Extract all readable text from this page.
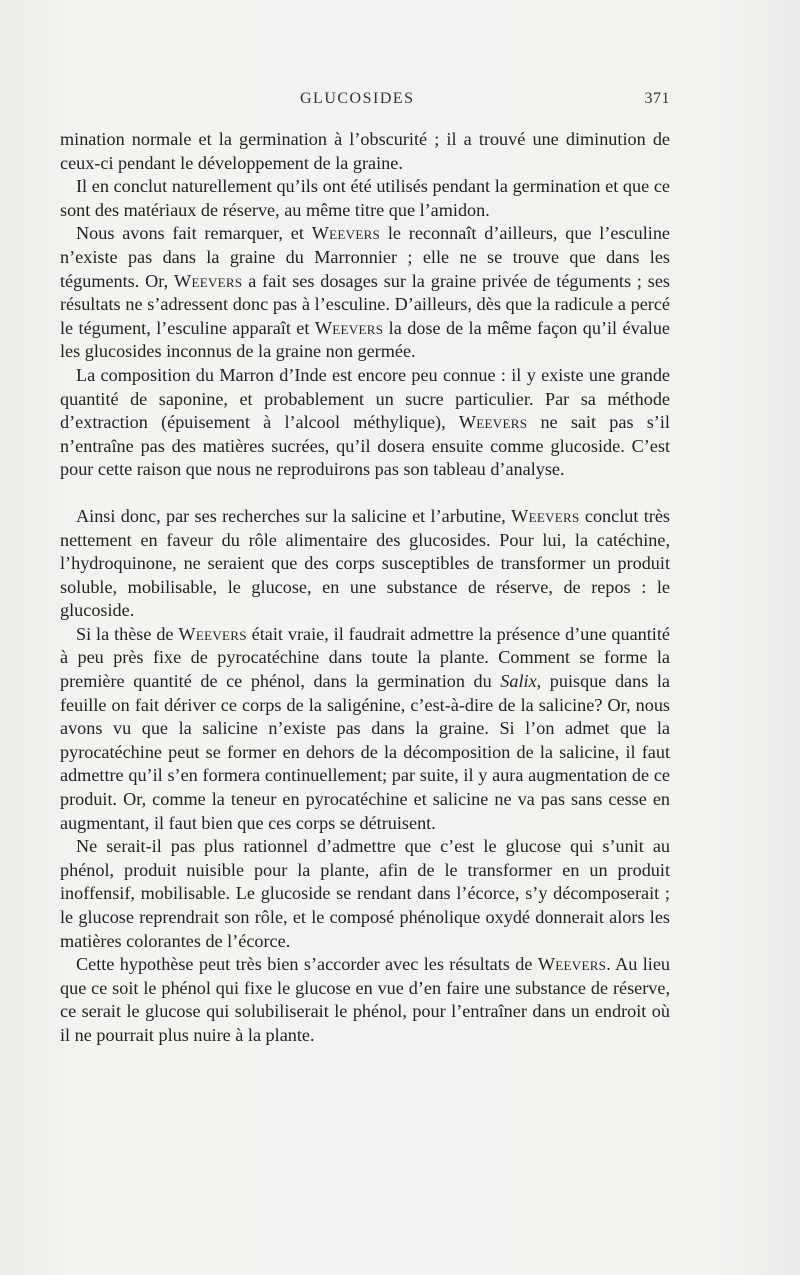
GLUCOSIDES	371

mination normale et la germination à l’obscurité ; il a trouvé une diminution de ceux-ci pendant le développement de la graine.

Il en conclut naturellement qu’ils ont été utilisés pendant la germination et que ce sont des matériaux de réserve, au même titre que l’amidon.

Nous avons fait remarquer, et Weevers le reconnaît d’ailleurs, que l’esculine n’existe pas dans la graine du Marronnier ; elle ne se trouve que dans les téguments. Or, Weevers a fait ses dosages sur la graine privée de téguments ; ses résultats ne s’adressent donc pas à l’esculine. D’ailleurs, dès que la radicule a percé le tégument, l’esculine apparaît et Weevers la dose de la même façon qu’il évalue les glucosides inconnus de la graine non germée.

La composition du Marron d’Inde est encore peu connue : il y existe une grande quantité de saponine, et probablement un sucre particulier. Par sa méthode d’extraction (épuisement à l’alcool méthylique), Weevers ne sait pas s’il n’entraîne pas des matières sucrées, qu’il dosera ensuite comme glucoside. C’est pour cette raison que nous ne reproduirons pas son tableau d’analyse.

Ainsi donc, par ses recherches sur la salicine et l’arbutine, Weevers conclut très nettement en faveur du rôle alimentaire des glucosides. Pour lui, la catéchine, l’hydroquinone, ne seraient que des corps susceptibles de transformer un produit soluble, mobilisable, le glucose, en une substance de réserve, de repos : le glucoside.

Si la thèse de Weevers était vraie, il faudrait admettre la présence d’une quantité à peu près fixe de pyrocatéchine dans toute la plante. Comment se forme la première quantité de ce phénol, dans la germination du Salix, puisque dans la feuille on fait dériver ce corps de la saligénine, c’est-à-dire de la salicine? Or, nous avons vu que la salicine n’existe pas dans la graine. Si l’on admet que la pyrocatéchine peut se former en dehors de la décomposition de la salicine, il faut admettre qu’il s’en formera continuellement; par suite, il y aura augmentation de ce produit. Or, comme la teneur en pyrocatéchine et salicine ne va pas sans cesse en augmentant, il faut bien que ces corps se détruisent.

Ne serait-il pas plus rationnel d’admettre que c’est le glucose qui s’unit au phénol, produit nuisible pour la plante, afin de le transformer en un produit inoffensif, mobilisable. Le glucoside se rendant dans l’écorce, s’y décomposerait ; le glucose reprendrait son rôle, et le composé phénolique oxydé donnerait alors les matières colorantes de l’écorce.

Cette hypothèse peut très bien s’accorder avec les résultats de Weevers. Au lieu que ce soit le phénol qui fixe le glucose en vue d’en faire une substance de réserve, ce serait le glucose qui solubiliserait le phénol, pour l’entraîner dans un endroit où il ne pourrait plus nuire à la plante.
